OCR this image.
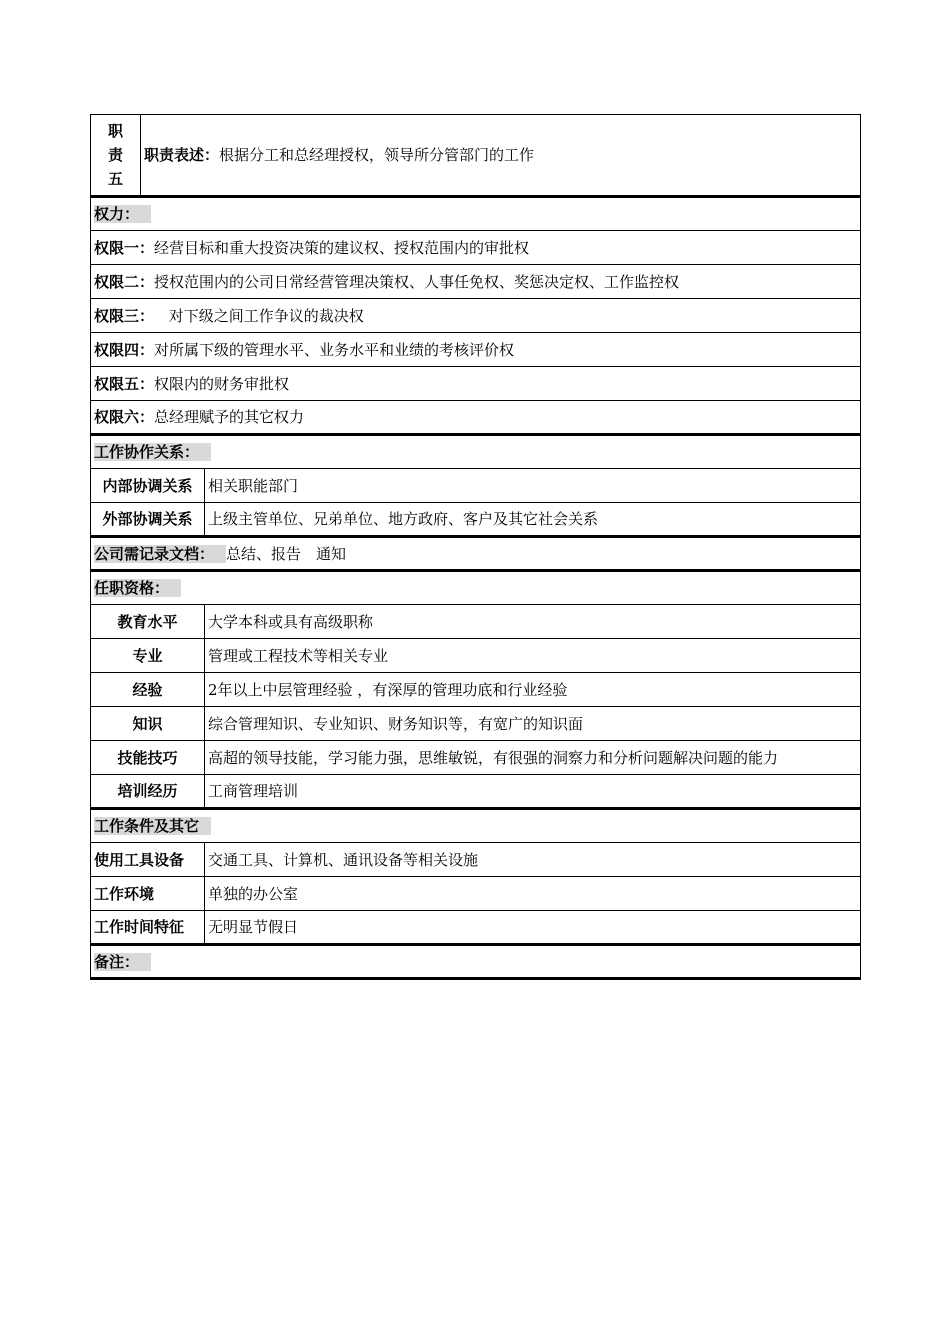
职
责
五	职责表述：根据分工和总经理授权，领导所分管部门的工作	
权力：		
权限一：经营目标和重大投资决策的建议权、授权范围内的审批权		
权限二：授权范围内的公司日常经营管理决策权、人事任免权、奖惩决定权、工作监控权		
权限三： 对下级之间工作争议的裁决权		
权限四：对所属下级的管理水平、业务水平和业绩的考核评价权		
权限五：权限内的财务审批权		
权限六：总经理赋予的其它权力		
工作协作关系：		
内部协调关系		相关职能部门
外部协调关系		上级主管单位、兄弟单位、地方政府、客户及其它社会关系
公司需记录文档： 总结、报告　通知		
任职资格：		
教育水平		大学本科或具有高级职称
专业		管理或工程技术等相关专业
经验		2年以上中层管理经验 ，有深厚的管理功底和行业经验
知识		综合管理知识、专业知识、财务知识等，有宽广的知识面
技能技巧		高超的领导技能，学习能力强，思维敏锐，有很强的洞察力和分析问题解决问题的能力
培训经历		工商管理培训
工作条件及其它		
使用工具设备		交通工具、计算机、通讯设备等相关设施
工作环境		单独的办公室
工作时间特征		无明显节假日
备注：		
